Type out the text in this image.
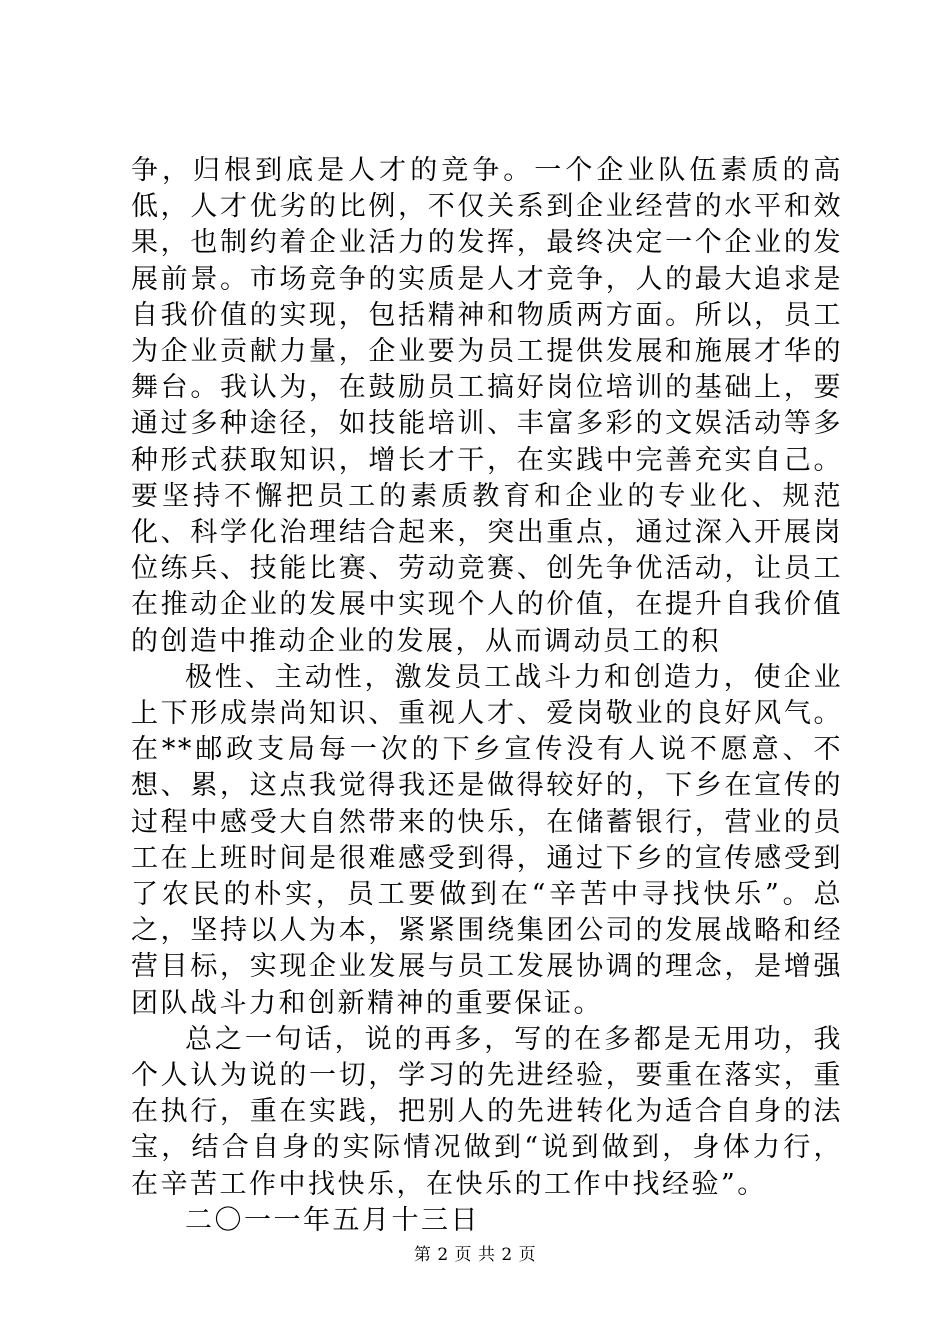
争，归根到底是人才的竞争。一个企业队伍素质的高低，人才优劣的比例，不仅关系到企业经营的水平和效果，也制约着企业活力的发挥，最终决定一个企业的发展前景。市场竞争的实质是人才竞争，人的最大追求是自我价值的实现，包括精神和物质两方面。所以，员工为企业贡献力量，企业要为员工提供发展和施展才华的舞台。我认为，在鼓励员工搞好岗位培训的基础上，要通过多种途径，如技能培训、丰富多彩的文娱活动等多种形式获取知识，增长才干，在实践中完善充实自己。要坚持不懈把员工的素质教育和企业的专业化、规范化、科学化治理结合起来，突出重点，通过深入开展岗位练兵、技能比赛、劳动竞赛、创先争优活动，让员工在推动企业的发展中实现个人的价值，在提升自我价值的创造中推动企业的发展，从而调动员工的积

极性、主动性，激发员工战斗力和创造力，使企业上下形成崇尚知识、重视人才、爱岗敬业的良好风气。在**邮政支局每一次的下乡宣传没有人说不愿意、不想、累，这点我觉得我还是做得较好的，下乡在宣传的过程中感受大自然带来的快乐，在储蓄银行，营业的员工在上班时间是很难感受到得，通过下乡的宣传感受到了农民的朴实，员工要做到在“辛苦中寻找快乐”。总之，坚持以人为本，紧紧围绕集团公司的发展战略和经营目标，实现企业发展与员工发展协调的理念，是增强团队战斗力和创新精神的重要保证。

总之一句话，说的再多，写的在多都是无用功，我个人认为说的一切，学习的先进经验，要重在落实，重在执行，重在实践，把别人的先进转化为适合自身的法宝，结合自身的实际情况做到“说到做到，身体力行，在辛苦工作中找快乐，在快乐的工作中找经验”。

二〇一一年五月十三日

第 2 页 共 2 页
